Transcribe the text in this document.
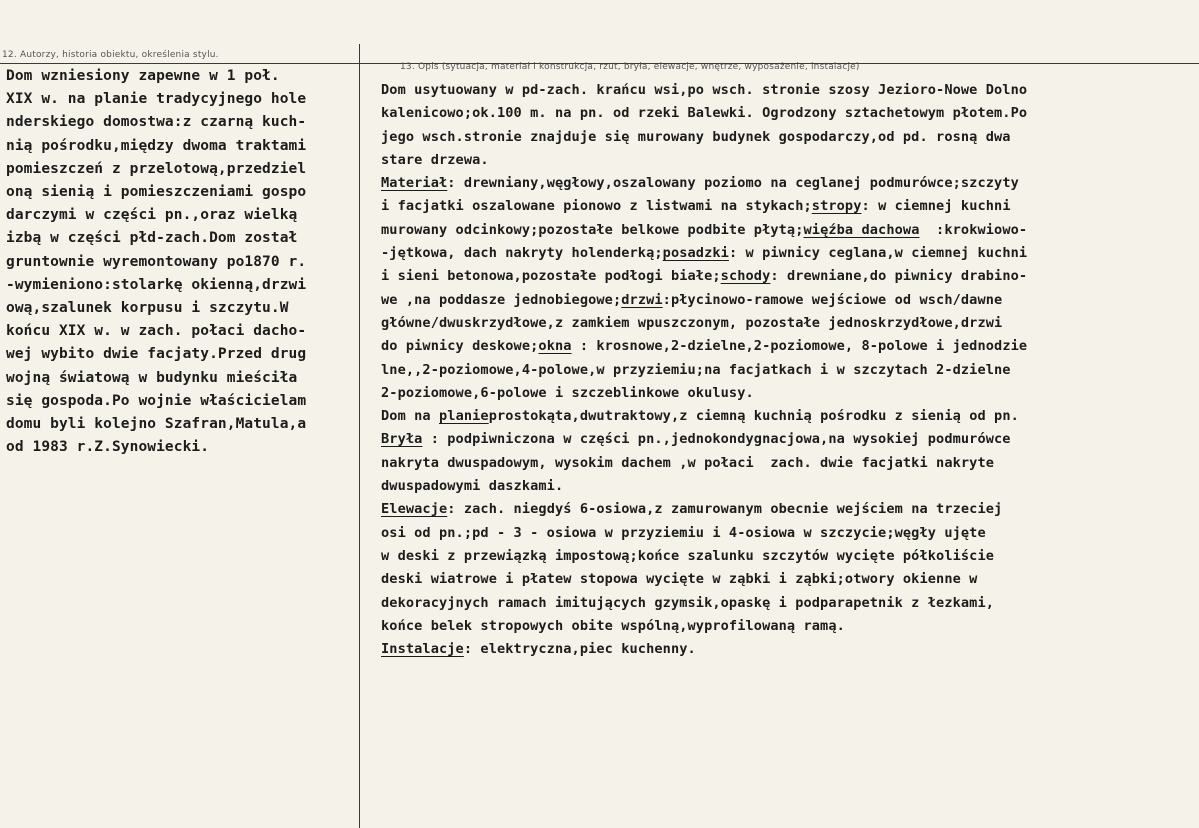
12. Autorzy, historia obiektu, określenia stylu.
13. Opis (sytuacja, materiał i konstrukcja, rzut, bryła, elewacje, wnętrze, wyposażenie, instalacje)
Dom wzniesiony zapewne w 1 poł.
XIX w. na planie tradycyjnego hole
nderskiego domostwa:z czarną kuch-
nią pośrodku,między dwoma traktami
pomieszczeń z przelotową,przedziel
oną sienią i pomieszczeniami gospo
darczymi w części pn.,oraz wielką
izbą w części płd-zach.Dom został
gruntownie wyremontowany po1870 r.
-wymieniono:stolarkę okienną,drzwi
ową,szalunek korpusu i szczytu.W
końcu XIX w. w zach. połaci dacho-
wej wybito dwie facjaty.Przed drug
wojną światową w budynku mieściła
się gospoda.Po wojnie właścicielam
domu byli kolejno Szafran,Matula,a
od 1983 r.Z.Synowiecki.
Dom usytuowany w pd-zach. krańcu wsi,po wsch. stronie szosy Jezioro-Nowe Dolno
kalenicowo;ok.100 m. na pn. od rzeki Balewki. Ogrodzony sztachetowym płotem.Po
jego wsch.stronie znajduje się murowany budynek gospodarczy,od pd. rosną dwa
stare drzewa.
Materiał: drewniany,węgłowy,oszalowany poziomo na ceglanej podmurówce;szczyty
i facjatki oszalowane pionowo z listwami na stykach;stropy: w ciemnej kuchni
murowany odcinkowy;pozostałe belkowe podbite płytą;więźba dachowa  :krokwiowo-
-jętkowa, dach nakryty holenderką;posadzki: w piwnicy ceglana,w ciemnej kuchni
i sieni betonowa,pozostałe podłogi białe;schody: drewniane,do piwnicy drabino-
we ,na poddasze jednobiegowe;drzwi:płycinowo-ramowe wejściowe od wsch/dawne
główne/dwuskrzydłowe,z zamkiem wpuszczonym, pozostałe jednoskrzydłowe,drzwi
do piwnicy deskowe;okna : krosnowe,2-dzielne,2-poziomowe, 8-polowe i jednodzie
lne,,2-poziomowe,4-polowe,w przyziemiu;na facjatkach i w szczytach 2-dzielne
2-poziomowe,6-polowe i szczeblinkowe okulusy.
Dom na planieprostokąta,dwutraktowy,z ciemną kuchnią pośrodku z sienią od pn.
Bryła : podpiwniczona w części pn.,jednokondygnacjowa,na wysokiej podmurówce
nakryta dwuspadowym, wysokim dachem ,w połaci  zach. dwie facjatki nakryte
dwuspadowymi daszkami.
Elewacje: zach. niegdyś 6-osiowa,z zamurowanym obecnie wejściem na trzeciej
osi od pn.;pd - 3 - osiowa w przyziemiu i 4-osiowa w szczycie;węgły ujęte
w deski z przewiązką impostową;końce szalunku szczytów wycięte półkoliście
deski wiatrowe i płatew stopowa wycięte w ząbki i ząbki;otwory okienne w
dekoracyjnych ramach imitujących gzymsik,opaskę i podparapetnik z łezkami,
końce belek stropowych obite wspólną,wyprofilowaną ramą.
Instalacje: elektryczna,piec kuchenny.
